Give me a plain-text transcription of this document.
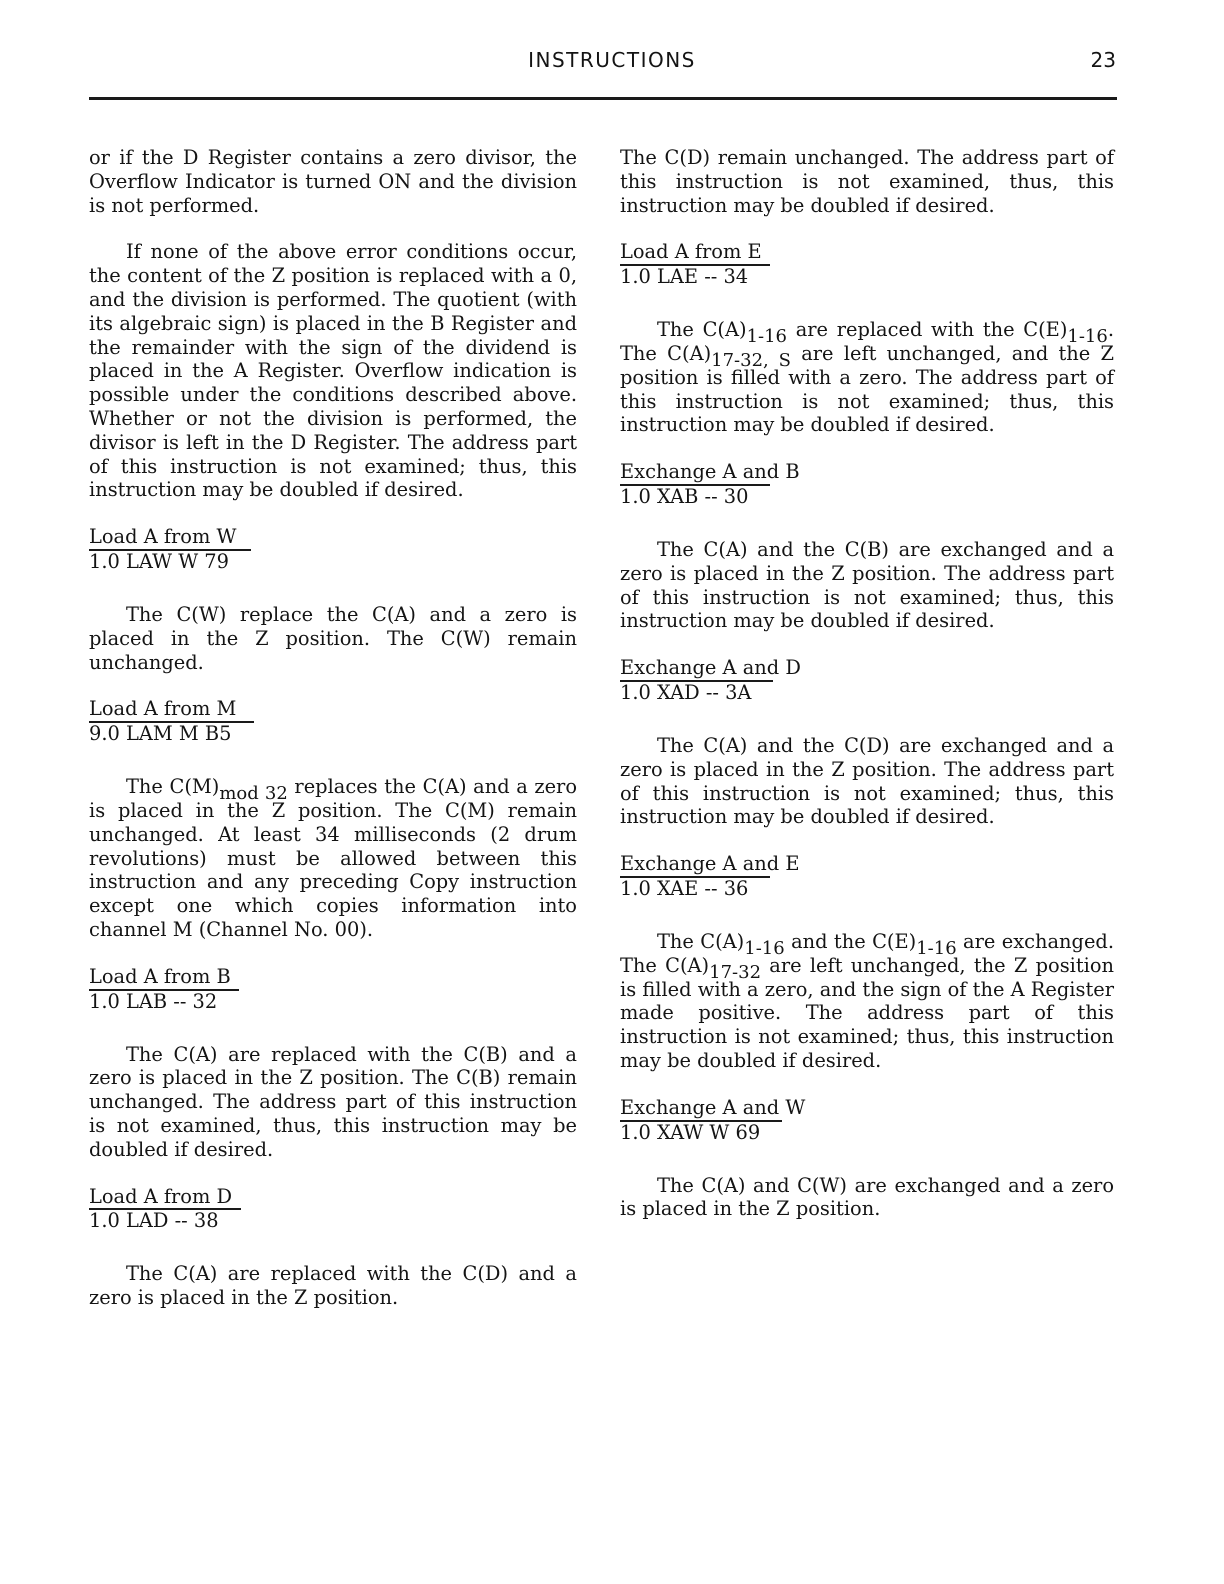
INSTRUCTIONS	23

or if the D Register contains a zero divisor, the Overflow Indicator is turned ON and the division is not performed.

If none of the above error conditions occur, the content of the Z position is replaced with a 0, and the division is performed. The quotient (with its algebraic sign) is placed in the B Register and the remainder with the sign of the dividend is placed in the A Register. Overflow indication is possible under the conditions described above. Whether or not the division is performed, the divisor is left in the D Register. The address part of this instruction is not examined; thus, this instruction may be doubled if desired.

Load A from W
1.0 LAW W 79

The C(W) replace the C(A) and a zero is placed in the Z position. The C(W) remain unchanged.

Load A from M
9.0 LAM M B5

The $C(M)_{mod 32}$ replaces the C(A) and a zero is placed in the Z position. The C(M) remain unchanged. At least 34 milliseconds (2 drum revolutions) must be allowed between this instruction and any preceding Copy instruction except one which copies information into channel M (Channel No. 00).

Load A from B
1.0 LAB -- 32

The C(A) are replaced with the C(B) and a zero is placed in the Z position. The C(B) remain unchanged. The address part of this instruction is not examined, thus, this instruction may be doubled if desired.

Load A from D
1.0 LAD -- 38

The C(A) are replaced with the C(D) and a zero is placed in the Z position.

The C(D) remain unchanged. The address part of this instruction is not examined, thus, this instruction may be doubled if desired.

Load A from E
1.0 LAE -- 34

The $C(A)_{1-16}$ are replaced with the $C(E)_{1-16}$. The $C(A)_{17-32, S}$ are left unchanged, and the Z position is filled with a zero. The address part of this instruction is not examined; thus, this instruction may be doubled if desired.

Exchange A and B
1.0 XAB -- 30

The C(A) and the C(B) are exchanged and a zero is placed in the Z position. The address part of this instruction is not examined; thus, this instruction may be doubled if desired.

Exchange A and D
1.0 XAD -- 3A

The C(A) and the C(D) are exchanged and a zero is placed in the Z position. The address part of this instruction is not examined; thus, this instruction may be doubled if desired.

Exchange A and E
1.0 XAE -- 36

The $C(A)_{1-16}$ and the $C(E)_{1-16}$ are exchanged. The $C(A)_{17-32}$ are left unchanged, the Z position is filled with a zero, and the sign of the A Register made positive. The address part of this instruction is not examined; thus, this instruction may be doubled if desired.

Exchange A and W
1.0 XAW W 69

The C(A) and C(W) are exchanged and a zero is placed in the Z position.
